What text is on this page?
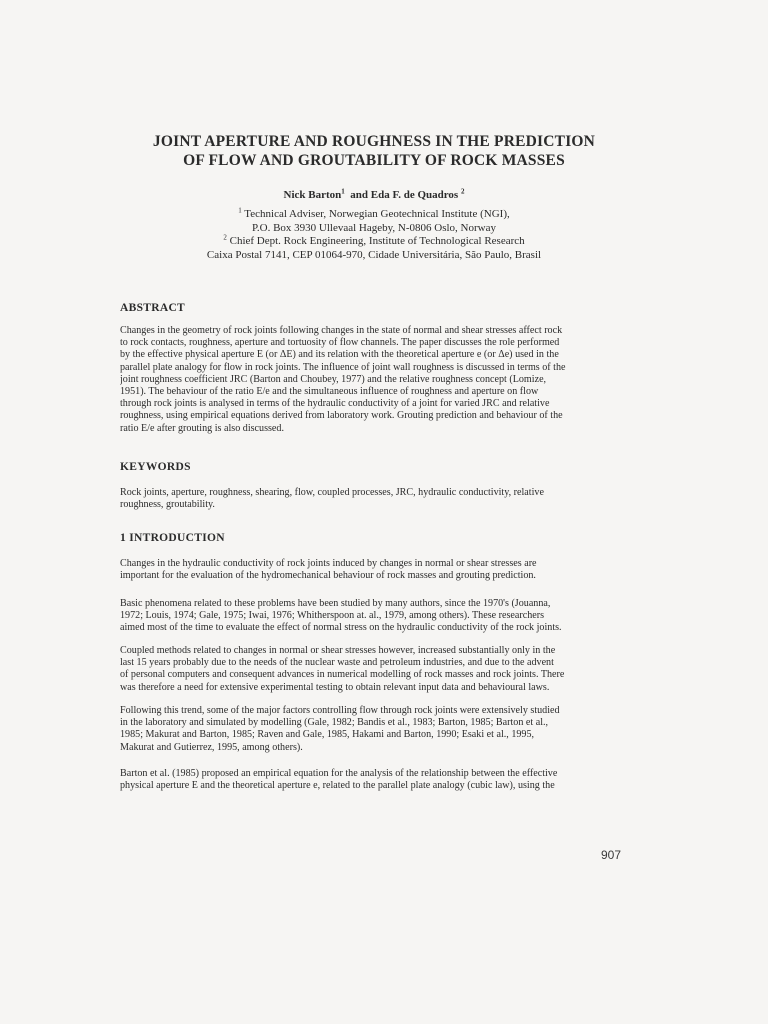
JOINT APERTURE AND ROUGHNESS IN THE PREDICTION
OF FLOW AND GROUTABILITY OF ROCK MASSES
Nick Barton$^1$ and Eda F. de Quadros $^2$
$^1$ Technical Adviser, Norwegian Geotechnical Institute (NGI),
P.O. Box 3930 Ullevaal Hageby, N-0806 Oslo, Norway
$^2$ Chief Dept. Rock Engineering, Institute of Technological Research
Caixa Postal 7141, CEP 01064-970, Cidade Universitária, São Paulo, Brasil
ABSTRACT
Changes in the geometry of rock joints following changes in the state of normal and shear stresses affect rock
to rock contacts, roughness, aperture and tortuosity of flow channels. The paper discusses the role performed
by the effective physical aperture E (or ΔE) and its relation with the theoretical aperture e (or Δe) used in the
parallel plate analogy for flow in rock joints. The influence of joint wall roughness is discussed in terms of the
joint roughness coefficient JRC (Barton and Choubey, 1977) and the relative roughness concept (Lomize,
1951). The behaviour of the ratio E/e and the simultaneous influence of roughness and aperture on flow
through rock joints is analysed in terms of the hydraulic conductivity of a joint for varied JRC and relative
roughness, using empirical equations derived from laboratory work. Grouting prediction and behaviour of the
ratio E/e after grouting is also discussed.
KEYWORDS
Rock joints, aperture, roughness, shearing, flow, coupled processes, JRC, hydraulic conductivity, relative
roughness, groutability.
1 INTRODUCTION
Changes in the hydraulic conductivity of rock joints induced by changes in normal or shear stresses are
important for the evaluation of the hydromechanical behaviour of rock masses and grouting prediction.
Basic phenomena related to these problems have been studied by many authors, since the 1970's (Jouanna,
1972; Louis, 1974; Gale, 1975; Iwai, 1976; Whitherspoon at. al., 1979, among others). These researchers
aimed most of the time to evaluate the effect of normal stress on the hydraulic conductivity of the rock joints.
Coupled methods related to changes in normal or shear stresses however, increased substantially only in the
last 15 years probably due to the needs of the nuclear waste and petroleum industries, and due to the advent
of personal computers and consequent advances in numerical modelling of rock masses and rock joints. There
was therefore a need for extensive experimental testing to obtain relevant input data and behavioural laws.
Following this trend, some of the major factors controlling flow through rock joints were extensively studied
in the laboratory and simulated by modelling (Gale, 1982; Bandis et al., 1983; Barton, 1985; Barton et al.,
1985; Makurat and Barton, 1985; Raven and Gale, 1985, Hakami and Barton, 1990; Esaki et al., 1995,
Makurat and Gutierrez, 1995, among others).
Barton et al. (1985) proposed an empirical equation for the analysis of the relationship between the effective
physical aperture E and the theoretical aperture e, related to the parallel plate analogy (cubic law), using the
907
